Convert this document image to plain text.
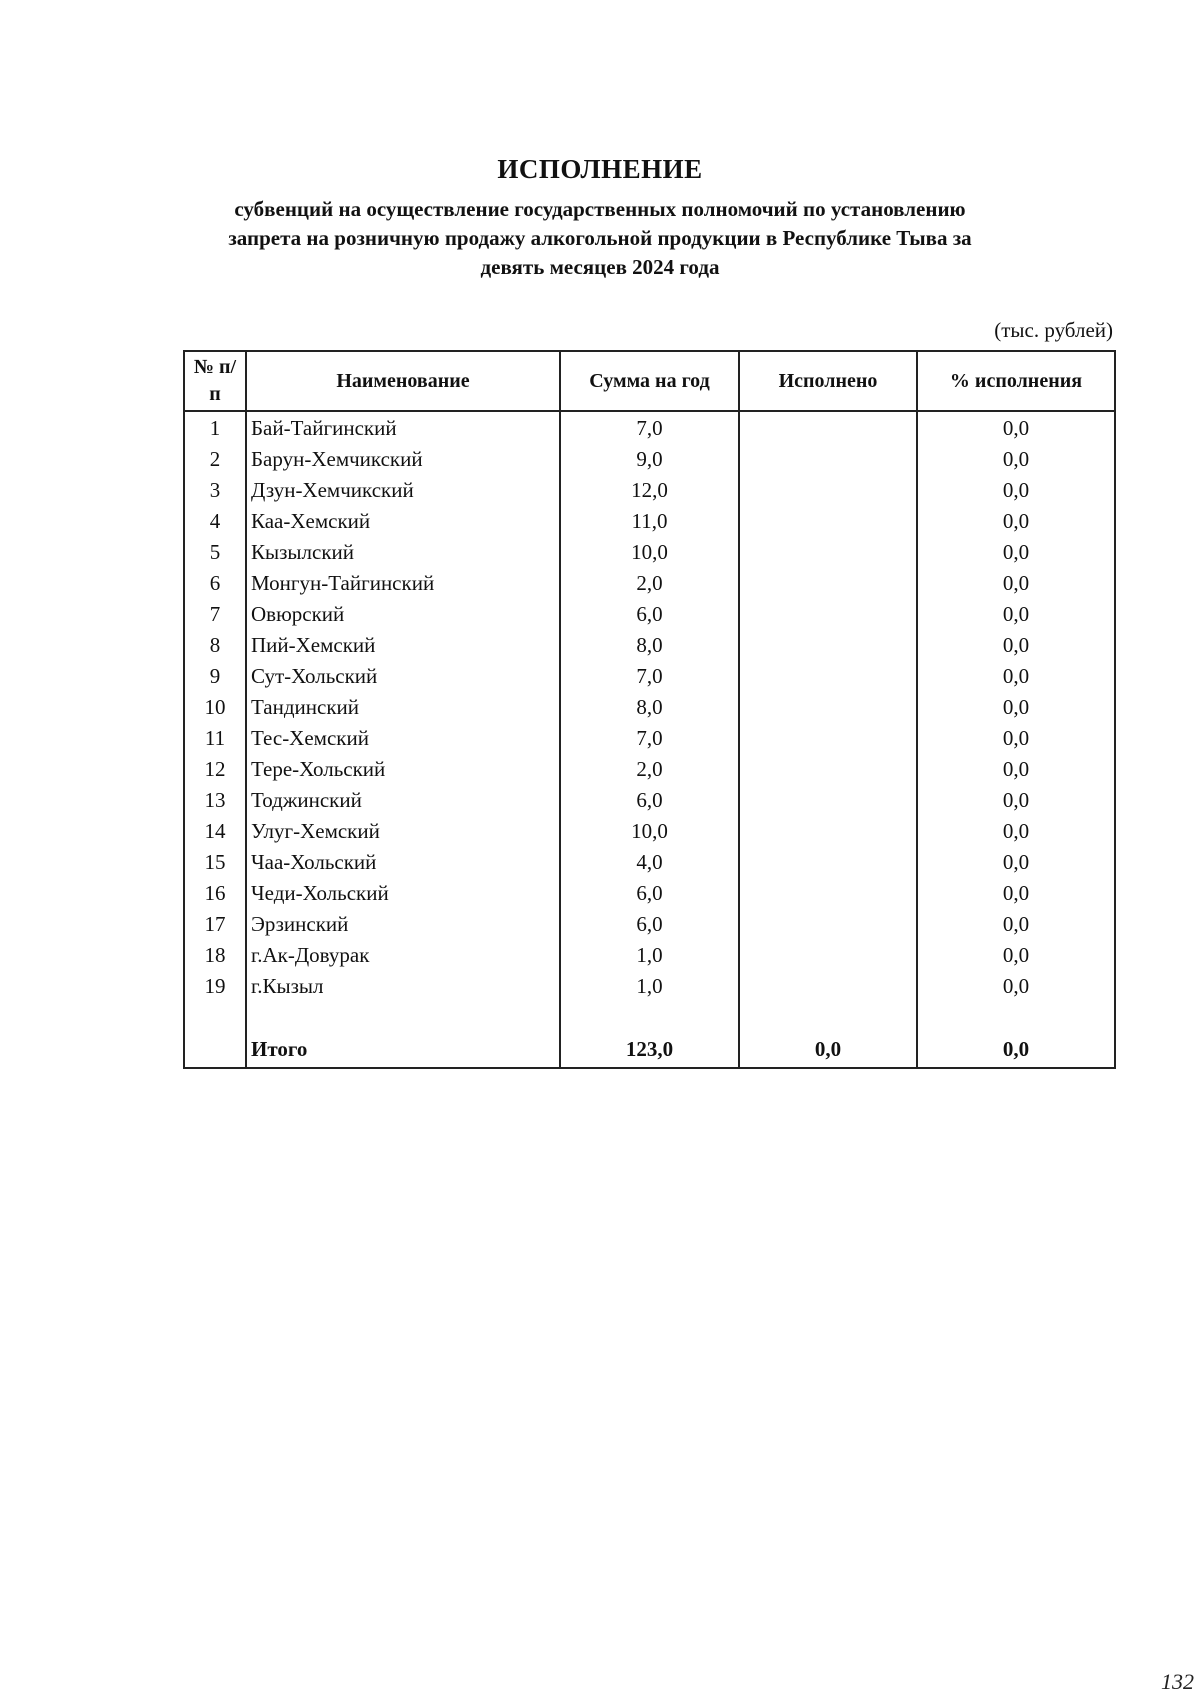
ИСПОЛНЕНИЕ
субвенций на осуществление государственных полномочий по установлению запрета на розничную продажу алкогольной продукции в Республике Тыва за девять месяцев 2024 года
(тыс. рублей)
№ п/п	Наименование	Сумма на год	Исполнено	% исполнения
1	Бай-Тайгинский	7,0		0,0
2	Барун-Хемчикский	9,0		0,0
3	Дзун-Хемчикский	12,0		0,0
4	Каа-Хемский	11,0		0,0
5	Кызылский	10,0		0,0
6	Монгун-Тайгинский	2,0		0,0
7	Овюрский	6,0		0,0
8	Пий-Хемский	8,0		0,0
9	Сут-Хольский	7,0		0,0
10	Тандинский	8,0		0,0
11	Тес-Хемский	7,0		0,0
12	Тере-Хольский	2,0		0,0
13	Тоджинский	6,0		0,0
14	Улуг-Хемский	10,0		0,0
15	Чаа-Хольский	4,0		0,0
16	Чеди-Хольский	6,0		0,0
17	Эрзинский	6,0		0,0
18	г.Ак-Довурак	1,0		0,0
19	г.Кызыл	1,0		0,0

	Итого	123,0	0,0	0,0
132
